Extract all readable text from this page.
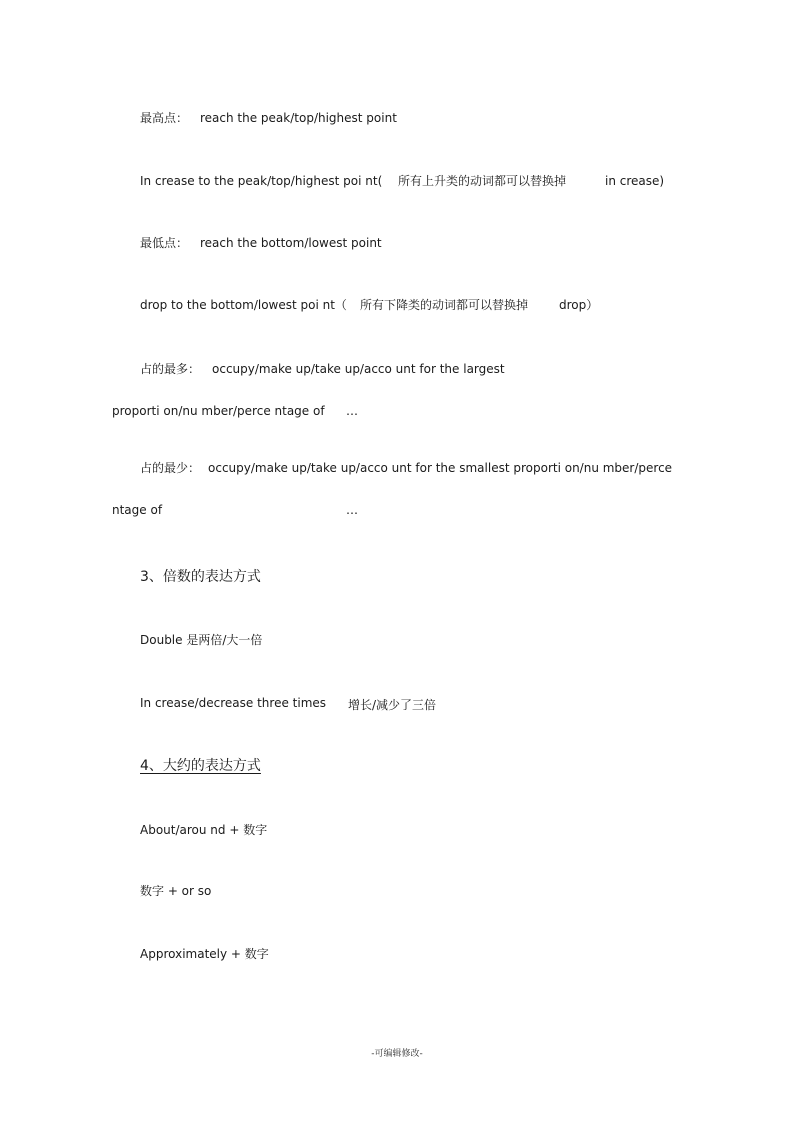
最高点： reach the peak/top/highest point
In crease to the peak/top/highest poi nt( 所有上升类的动词都可以替换掉	in crease)
最低点： reach the bottom/lowest point
drop to the bottom/lowest poi nt（ 所有下降类的动词都可以替换掉	drop）
占的最多： occupy/make up/take up/acco unt for the largest
proporti on/nu mber/perce ntage of …
占的最少： occupy/make up/take up/acco unt for the smallest proporti on/nu mber/perce
ntage of	…
3、倍数的表达方式
Double 是两倍/大一倍
In crease/decrease three times 增长/减少了三倍
4、大约的表达方式
About/arou nd + 数字
数字 + or so
Approximately + 数字
-可编辑修改-
